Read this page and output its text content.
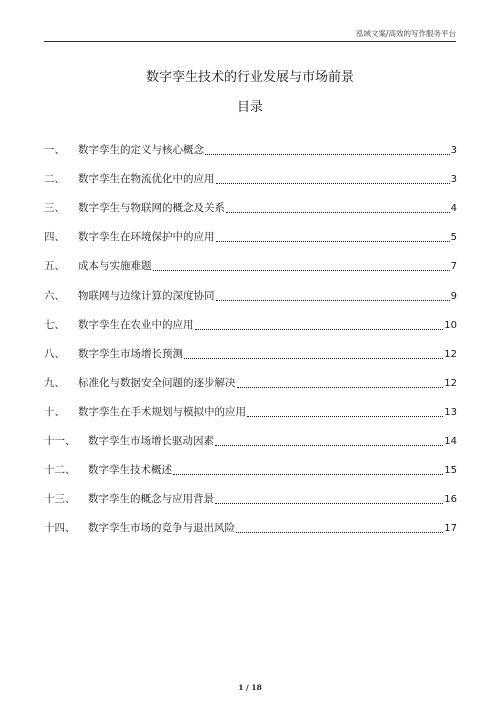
泓域文案/高效的写作服务平台
数字孪生技术的行业发展与市场前景
目录
一、	数字孪生的定义与核心概念	3
二、	数字孪生在物流优化中的应用	3
三、	数字孪生与物联网的概念及关系	4
四、	数字孪生在环境保护中的应用	5
五、	成本与实施难题	7
六、	物联网与边缘计算的深度协同	9
七、	数字孪生在农业中的应用	10
八、	数字孪生市场增长预测	12
九、	标准化与数据安全问题的逐步解决	12
十、	数字孪生在手术规划与模拟中的应用	13
十一、	数字孪生市场增长驱动因素	14
十二、	数字孪生技术概述	15
十三、	数字孪生的概念与应用背景	16
十四、	数字孪生市场的竞争与退出风险	17
1 / 18
